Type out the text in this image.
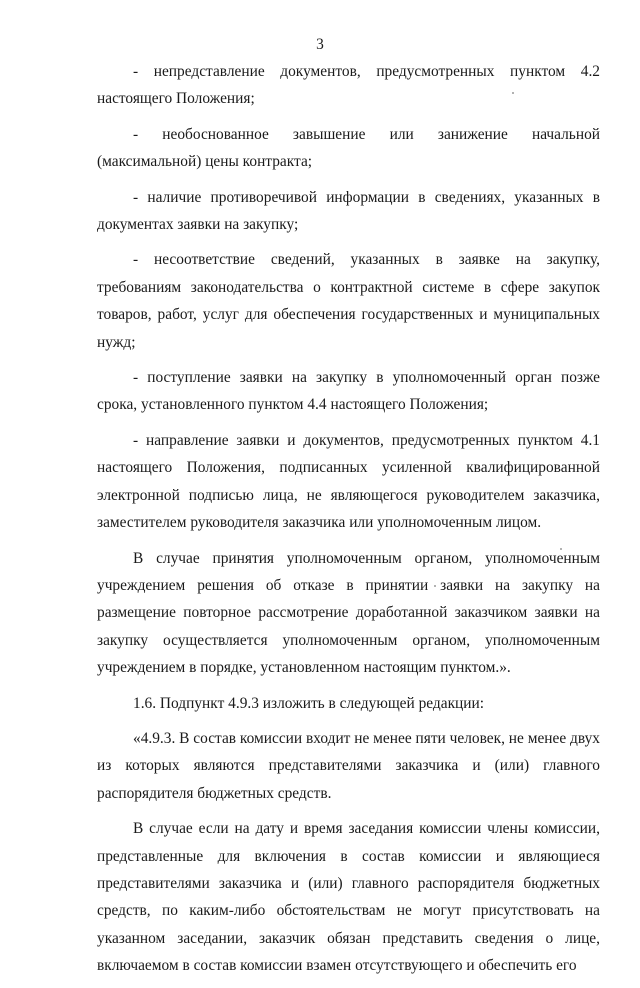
3

- непредставление документов, предусмотренных пунктом 4.2 настоящего Положения;

- необоснованное завышение или занижение начальной (максимальной) цены контракта;

- наличие противоречивой информации в сведениях, указанных в документах заявки на закупку;

- несоответствие сведений, указанных в заявке на закупку, требованиям законодательства о контрактной системе в сфере закупок товаров, работ, услуг для обеспечения государственных и муниципальных нужд;

- поступление заявки на закупку в уполномоченный орган позже срока, установленного пунктом 4.4 настоящего Положения;

- направление заявки и документов, предусмотренных пунктом 4.1 настоящего Положения, подписанных усиленной квалифицированной электронной подписью лица, не являющегося руководителем заказчика, заместителем руководителя заказчика или уполномоченным лицом.

В случае принятия уполномоченным органом, уполномоченным учреждением решения об отказе в принятии заявки на закупку на размещение повторное рассмотрение доработанной заказчиком заявки на закупку осуществляется уполномоченным органом, уполномоченным учреждением в порядке, установленном настоящим пунктом.».

1.6. Подпункт 4.9.3 изложить в следующей редакции:

«4.9.3. В состав комиссии входит не менее пяти человек, не менее двух из которых являются представителями заказчика и (или) главного распорядителя бюджетных средств.

В случае если на дату и время заседания комиссии члены комиссии, представленные для включения в состав комиссии и являющиеся представителями заказчика и (или) главного распорядителя бюджетных средств, по каким-либо обстоятельствам не могут присутствовать на указанном заседании, заказчик обязан представить сведения о лице, включаемом в состав комиссии взамен отсутствующего и обеспечить его
